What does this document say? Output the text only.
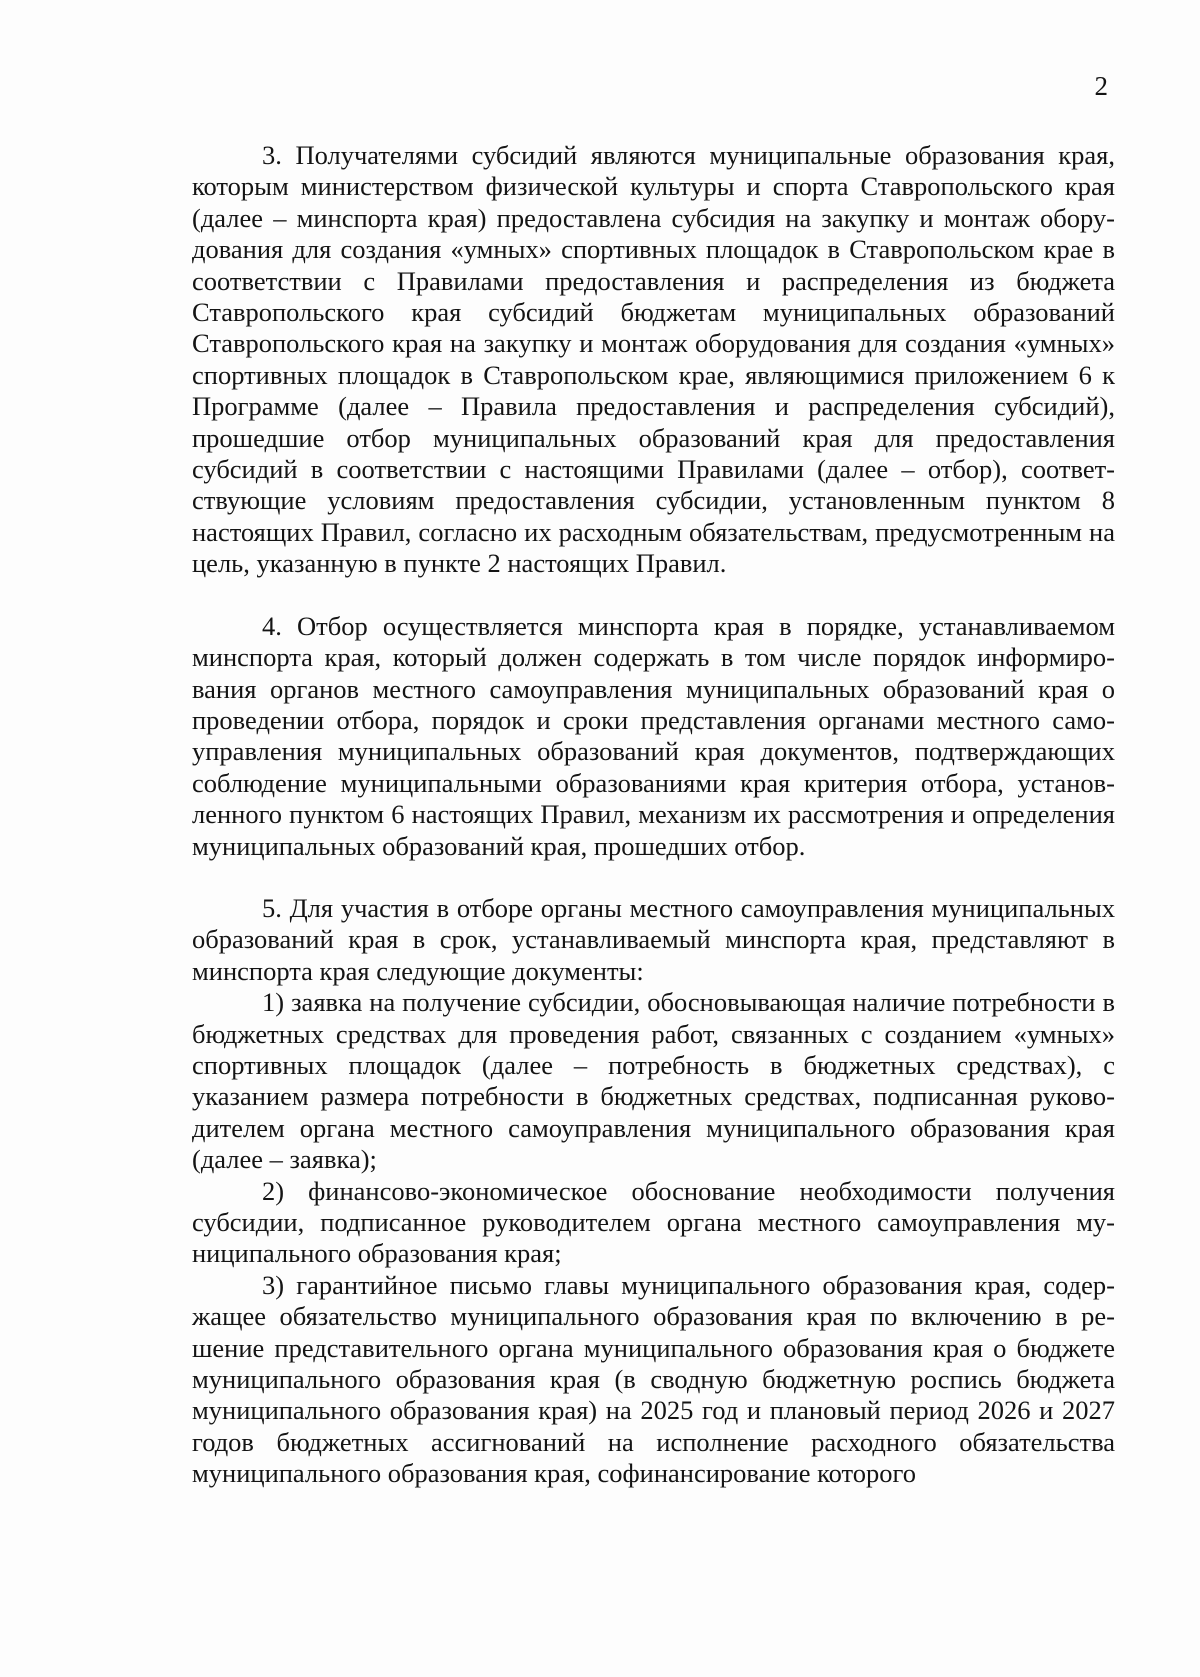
2

3. Получателями субсидий являются муниципальные образования края, которым министерством физической культуры и спорта Ставропольского края (далее – минспорта края) предоставлена субсидия на закупку и монтаж оборудования для создания «умных» спортивных площадок в Ставропольском крае в соответствии с Правилами предоставления и распределения из бюджета Ставропольского края субсидий бюджетам муниципальных образований Ставропольского края на закупку и монтаж оборудования для создания «умных» спортивных площадок в Ставропольском крае, являющимися приложением 6 к Программе (далее – Правила предоставления и распределения субсидий), прошедшие отбор муниципальных образований края для предоставления субсидий в соответствии с настоящими Правилами (далее – отбор), соответствующие условиям предоставления субсидии, установленным пунктом 8 настоящих Правил, согласно их расходным обязательствам, предусмотренным на цель, указанную в пункте 2 настоящих Правил.

4. Отбор осуществляется минспорта края в порядке, устанавливаемом минспорта края, который должен содержать в том числе порядок информирования органов местного самоуправления муниципальных образований края о проведении отбора, порядок и сроки представления органами местного самоуправления муниципальных образований края документов, подтверждающих соблюдение муниципальными образованиями края критерия отбора, установленного пунктом 6 настоящих Правил, механизм их рассмотрения и определения муниципальных образований края, прошедших отбор.

5. Для участия в отборе органы местного самоуправления муниципальных образований края в срок, устанавливаемый минспорта края, представляют в минспорта края следующие документы:

1) заявка на получение субсидии, обосновывающая наличие потребности в бюджетных средствах для проведения работ, связанных с созданием «умных» спортивных площадок (далее – потребность в бюджетных средствах), с указанием размера потребности в бюджетных средствах, подписанная руководителем органа местного самоуправления муниципального образования края (далее – заявка);

2) финансово-экономическое обоснование необходимости получения субсидии, подписанное руководителем органа местного самоуправления муниципального образования края;

3) гарантийное письмо главы муниципального образования края, содержащее обязательство муниципального образования края по включению в решение представительного органа муниципального образования края о бюджете муниципального образования края (в сводную бюджетную роспись бюджета муниципального образования края) на 2025 год и плановый период 2026 и 2027 годов бюджетных ассигнований на исполнение расходного обязательства муниципального образования края, софинансирование которого
